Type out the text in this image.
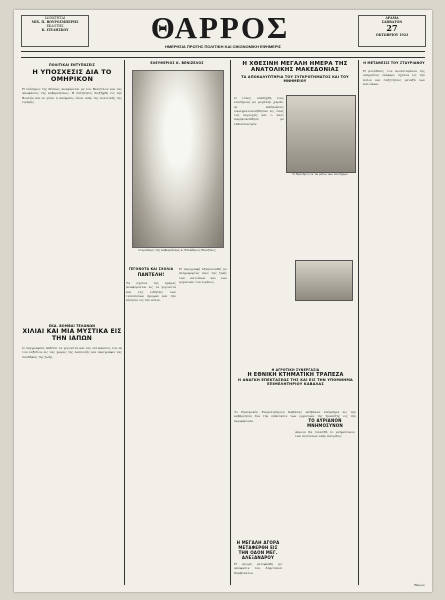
ΙΔΙΟΚΤΗΤΑΙ
ΜΙΧ. Π. ΒΟΥΡΟΣΜΠΕΡΗΣ
ΕΚΔΟΤΗΣ
Κ. ΙΤΕΛΗΣΚΟΥ	ΘΑΡΡΟΣ
ΗΜΕΡΗΣΙΑ ΠΡΩΤΗΣ ΠΟΛΙΤΙΚΗ ΚΑΙ ΟΙΚΟΝΟΜΙΚΗ ΕΦΗΜΕΡΙΣ
ΔΡΑΜΑ
ΣΑΒΒΑΤΟΝ
27
ΟΚΤΩΒΡΙΟΥ 1923
ΠΟΛΙΤΙΚΑΙ ΕΝΤΥΠΩΣΕΙΣ
Η ΥΠΟΣΧΕΣΙΣ ΔΙΑ ΤΟ ΟΜΗΡΙΚΟΝ
Η επίσημος της θέσεως αναφέρεται με τον Βενιζέλον και τας αποφάσεις της κυβερνήσεως. Η συζήτησις διεξήχθη εις την Βουλήν και εν γένει η απόφασις είναι υπέρ της πολιτικής της ειρήνης.
ΕΚΔ. ΒΟΜΒΑΙ ΤΕΛΩΝΩΝ
ΧΙΛΙΑΙ ΚΑΙ ΜΙΑ ΜΥΣΤΙΚΑ ΕΙΣ ΤΗΝ ΙΑΠΩΝ
Ο συγγραφεύς εκθέτει τα γεγονότα και τας εντυπώσεις του εκ του ταξιδίου εις τας χώρας της Ανατολής και περιγράφει τας συνθήκας της ζωής.
ΕΛΕΥΘΕΡΙΟΣ Κ. ΒΕΝΙΖΕΛΟΣ
Ο πρόεδρος της κυβερνήσεως κ. Ελευθέριος Βενιζέλος
ΓΕΓΟΝΟΤΑ ΚΑΙ ΣΧΟΛΙΑ
ΠΑΝΤΕΛΗ!
Τα σχόλια της ημέρας αναφέρονται εις τα γεγονότα και τας ειδήσεις των τελευταίων ημερών και την κίνησιν εις την πόλιν.
Η περιγραφή εξακολουθεί με πληροφορίας περί της ζωής των κατοίκων και των εργασιών του λιμένος.
Η ΧΘΕΣΙΝΗ ΜΕΓΑΛΗ ΗΜΕΡΑ ΤΗΣ ΑΝΑΤΟΛΙΚΗΣ ΜΑΚΕΔΟΝΙΑΣ
ΤΑ ΑΠΟΚΑΛΥΠΤΗΡΙΑ ΤΟΥ ΣΥΓΚΡΟΤΗΜΑΤΟΣ ΚΑΙ ΤΟΥ ΜΝΗΜΕΙΟΥ
Ο τόπος υπεδέχθη τους επισήμους με μεγάλην χαράν. Αι εκδηλώσεις επραγματοποιήθησαν εις όλας τας περιοχάς και ο λαός παρηκολούθησε με ενθουσιασμόν.
Ο Πρόεδρος εν τω μέσω των επισήμων
Η ΑΓΡΟΤΙΚΗ ΣΥΝΕΡΓΑΣΙΑ
Η ΕΘΝΙΚΗ ΚΤΗΜΑΤΙΚΗ ΤΡΑΠΕΖΑ
Η ΑΝΑΓΚΗ ΕΠΕΚΤΑΣΕΩΣ ΤΗΣ ΚΑΙ ΕΙΣ ΤΗΝ ΥΠΟΜΝΗΜΑ ΕΠΙΜΕΛΗΤΗΡΙΟΥ ΚΑΒΑΛΑΣ
Το Εμπορικόν Επιμελητήριον Καβάλας υπέβαλεν υπόμνημα εις την κυβέρνησιν δια την επέκτασιν των εργασιών της Τραπέζης εις την περιφέρειαν.
Η ΜΕΓΑΛΗ ΑΓΟΡΑ ΜΕΤΑΦΕΡΘΗ ΕΙΣ ΤΗΝ ΟΔΟΝ ΜΕΓ. ΑΛΕΞΑΝΔΡΟΥ
Η αγορά μετεφέρθη με απόφασιν του Δημοτικού Συμβουλίου.
ΤΟ ΑΥΡΙΑΝΟΝ ΜΝΗΜΟΣΥΝΟΝ
Αύριον θα τελεσθή το μνημόσυνον των πεσόντων υπέρ πατρίδος.
Η ΜΕΤΑΘΕΣΙΣ ΤΟΥ ΣΤΑΥΡΙΑΝΟΥ
Η μετάθεσις του προϊσταμένου της υπηρεσίας επέφερε σχόλια εις την πόλιν και συζητήσεις μεταξύ των κατοίκων.
Θάρρος
